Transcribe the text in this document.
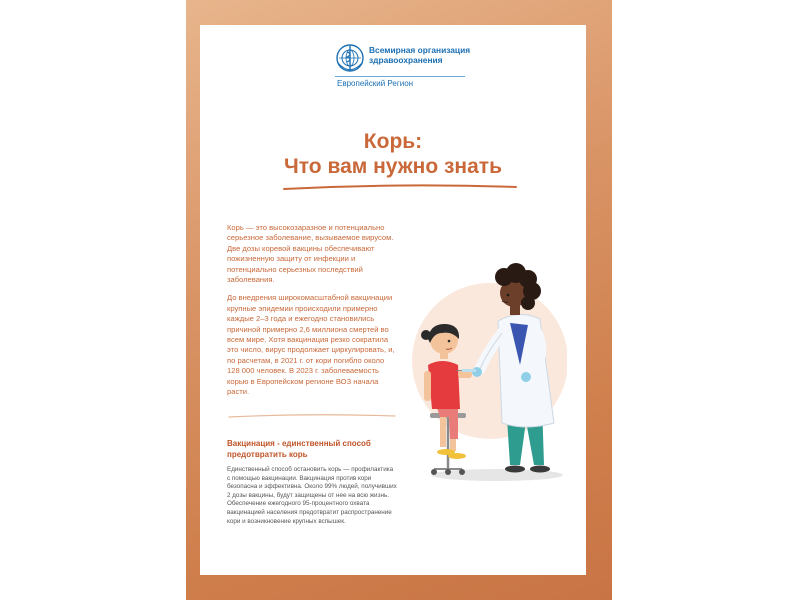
Всемирная организация
здравоохранения
Европейский Регион
Корь:
Что вам нужно знать

Корь — это высокозаразное и потенциально серьезное заболевание, вызываемое вирусом. Две дозы коревой вакцины обеспечивают пожизненную защиту от инфекции и потенциально серьезных последствий заболевания.

До внедрения широкомасштабной вакцинации крупные эпидемии происходили примерно каждые 2–3 года и ежегодно становились причиной примерно 2,6 миллиона смертей во всем мире. Хотя вакцинация резко сократила это число, вирус продолжает циркулировать, и, по расчетам, в 2021 г. от кори погибло около 128 000 человек. В 2023 г. заболеваемость корью в Европейском регионе ВОЗ начала расти.

Вакцинация - единственный способ предотвратить корь
Единственный способ остановить корь — профилактика с помощью вакцинации. Вакцинация против кори безопасна и эффективна. Около 99% людей, получивших 2 дозы вакцины, будут защищены от нее на всю жизнь. Обеспечение ежегодного 95-процентного охвата вакцинацией населения предотвратит распространение кори и возникновение крупных вспышек.
